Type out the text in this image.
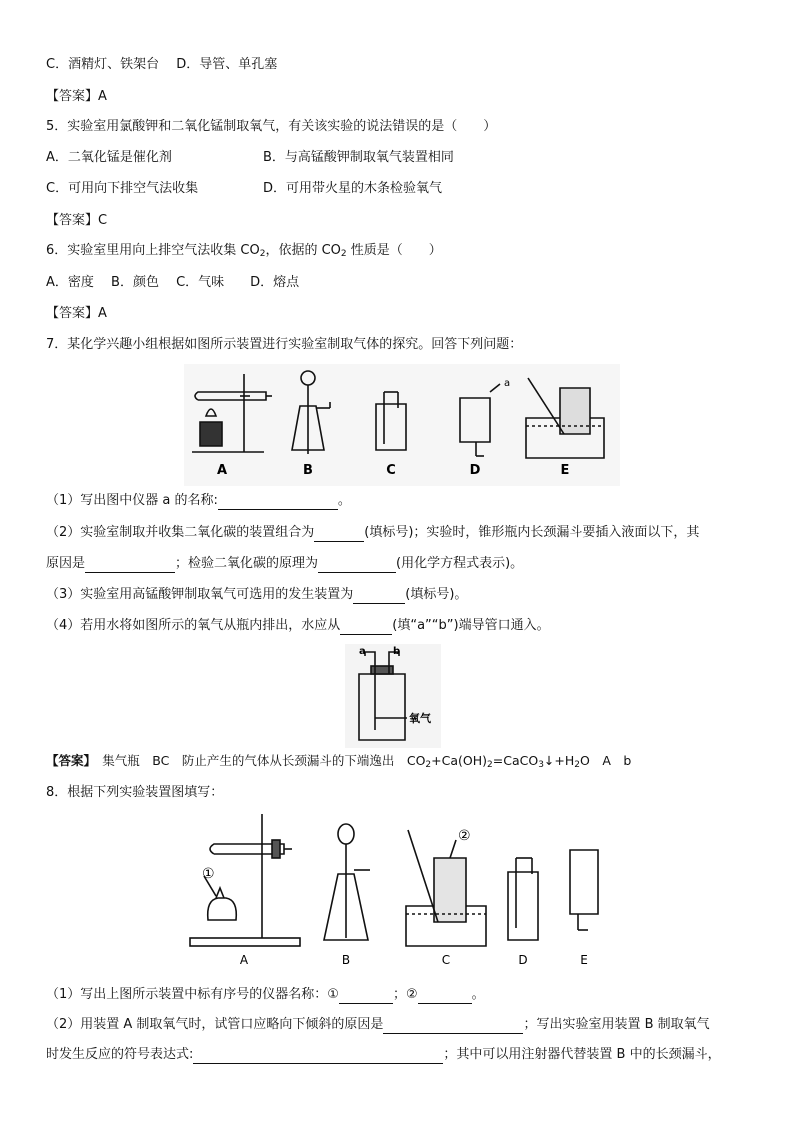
C．酒精灯、铁架台　 D．导管、单孔塞
【答案】A
5．实验室用氯酸钾和二氧化锰制取氧气，有关该实验的说法错误的是（　　）
A．二氧化锰是催化剂	B．与高锰酸钾制取氧气装置相同
C．可用向下排空气法收集	D．可用带火星的木条检验氧气
【答案】C
6．实验室里用向上排空气法收集 $CO_2$，依据的 $CO_2$ 性质是（　　）
A．密度　 B．颜色　 C．气味　　D．熔点
【答案】A
7．某化学兴趣小组根据如图所示装置进行实验室制取气体的探究。回答下列问题：
A	B	C
a
D	E
（1）写出图中仪器 a 的名称:	。
（2）实验室制取并收集二氧化碳的装置组合为	(填标号)；实验时，锥形瓶内长颈漏斗要插入液面以下，其
原因是	；检验二氧化碳的原理为	(用化学方程式表示)。
（3）实验室用高锰酸钾制取氧气可选用的发生装置为	(填标号)。
（4）若用水将如图所示的氧气从瓶内排出，水应从	(填“a”“b”)端导管口通入。
a	b
氧气
【答案】　集气瓶　BC　防止产生的气体从长颈漏斗的下端逸出　$CO_2+Ca(OH)_2=CaCO_3↓+H_2O$　A　b
8．根据下列实验装置图填写：
①
A	B
②
C	D	E
（1）写出上图所示装置中标有序号的仪器名称：①	；②	。
（2）用装置 A 制取氧气时，试管口应略向下倾斜的原因是	；写出实验室用装置 B 制取氧气
时发生反应的符号表达式:	；其中可以用注射器代替装置 B 中的长颈漏斗，
